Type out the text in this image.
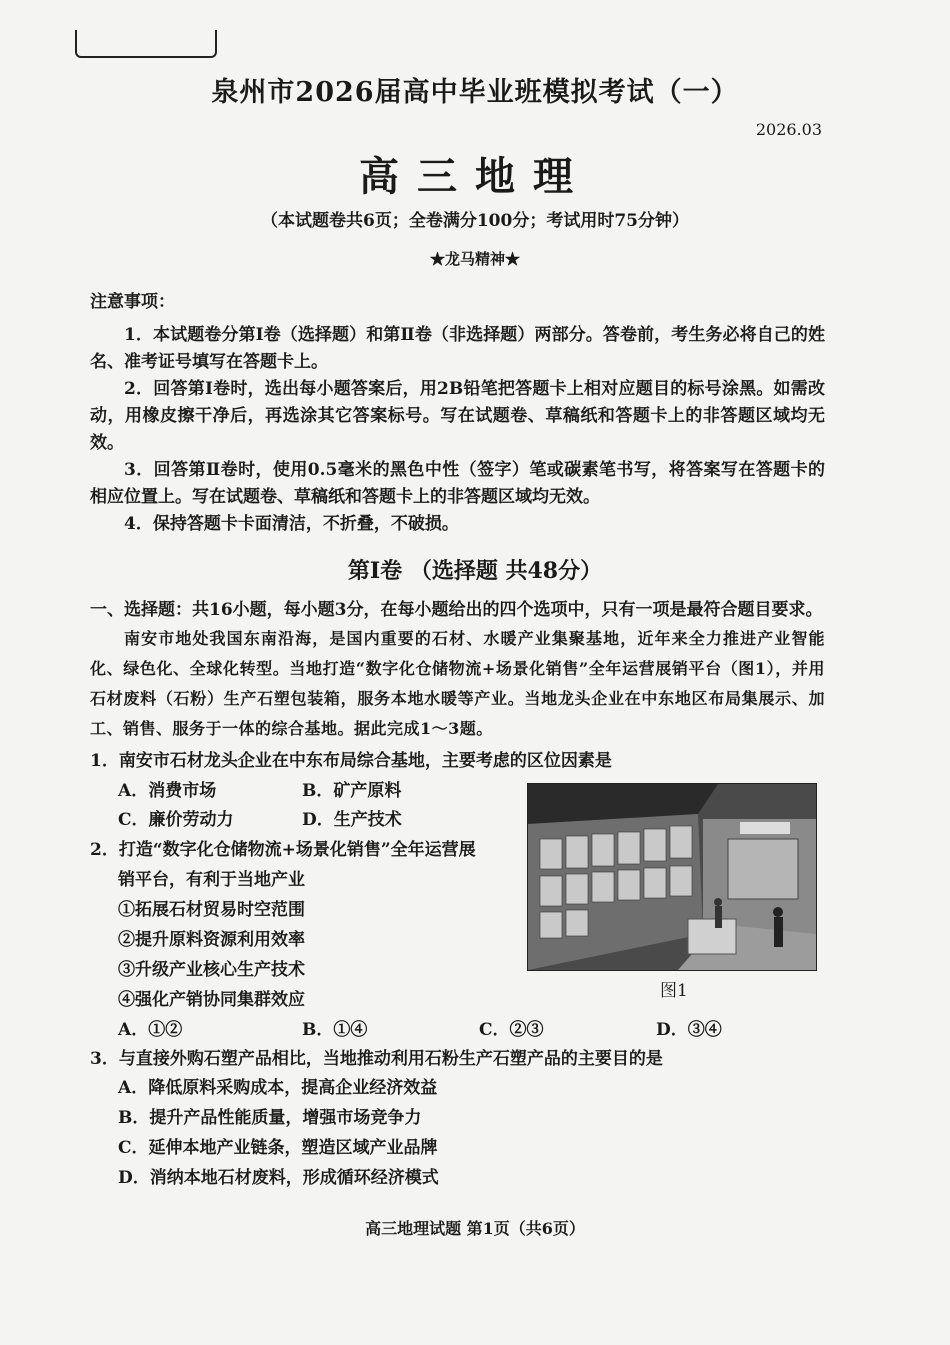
泉州市2026届高中毕业班模拟考试（一）
2026.03
高三地理
（本试题卷共6页；全卷满分100分；考试用时75分钟）
★龙马精神★
注意事项：

1．本试题卷分第Ⅰ卷（选择题）和第Ⅱ卷（非选择题）两部分。答卷前，考生务必将自己的姓名、准考证号填写在答题卡上。

2．回答第Ⅰ卷时，选出每小题答案后，用2B铅笔把答题卡上相对应题目的标号涂黑。如需改动，用橡皮擦干净后，再选涂其它答案标号。写在试题卷、草稿纸和答题卡上的非答题区域均无效。

3．回答第Ⅱ卷时，使用0.5毫米的黑色中性（签字）笔或碳素笔书写，将答案写在答题卡的相应位置上。写在试题卷、草稿纸和答题卡上的非答题区域均无效。

4．保持答题卡卡面清洁，不折叠，不破损。

第Ⅰ卷 （选择题 共48分）
一、选择题：共16小题，每小题3分，在每小题给出的四个选项中，只有一项是最符合题目要求。

南安市地处我国东南沿海，是国内重要的石材、水暖产业集聚基地，近年来全力推进产业智能化、绿色化、全球化转型。当地打造“数字化仓储物流+场景化销售”全年运营展销平台（图1），并用石材废料（石粉）生产石塑包装箱，服务本地水暖等产业。当地龙头企业在中东地区布局集展示、加工、销售、服务于一体的综合基地。据此完成1～3题。

1．南安市石材龙头企业在中东布局综合基地，主要考虑的区位因素是
A．消费市场	B．矿产原料
C．廉价劳动力	D．生产技术
2．打造“数字化仓储物流+场景化销售”全年运营展
销平台，有利于当地产业
①拓展石材贸易时空范围
②提升原料资源利用效率
③升级产业核心生产技术
④强化产销协同集群效应
A．①②	B．①④	C．②③	D．③④
图1
3．与直接外购石塑产品相比，当地推动利用石粉生产石塑产品的主要目的是
A．降低原料采购成本，提高企业经济效益
B．提升产品性能质量，增强市场竞争力
C．延伸本地产业链条，塑造区域产业品牌
D．消纳本地石材废料，形成循环经济模式
高三地理试题 第1页（共6页）
